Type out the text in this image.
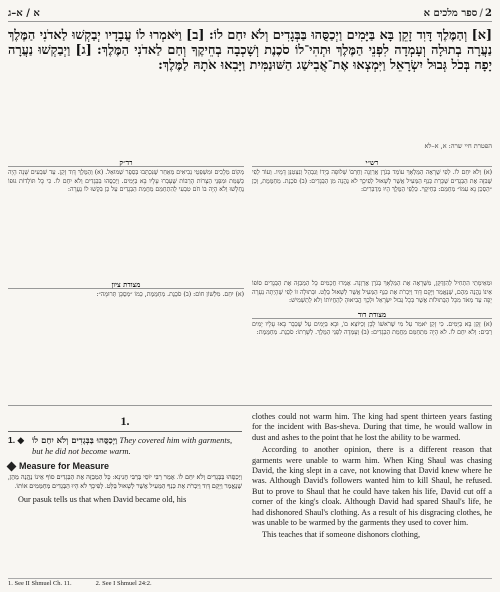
א / א–ג	2/ספר מלכים א
[א] וְהַמֶּלֶךְ דָּוִד זָקֵן בָּא בַּיָּמִים וַיְכַסֻּהוּ בַּבְּגָדִים וְלֹא יִחַם לוֹ: [ב] וַיֹּאמְרוּ לוֹ עֲבָדָיו יְבַקְשׁוּ לַאדֹנִי הַמֶּלֶךְ נַעֲרָה בְתוּלָה וְעָמְדָה לִפְנֵי הַמֶּלֶךְ וּתְהִי־לוֹ סֹכֶנֶת וְשָׁכְבָה בְחֵיקֶךָ וְחַם לַאדֹנִי הַמֶּלֶךְ: [ג] וַיְבַקְשׁוּ נַעֲרָה יָפָה בְּכֹל גְּבוּל יִשְׂרָאֵל וַיִּמְצְאוּ אֶת־אֲבִישַׁג הַשּׁוּנַמִּית וַיָּבִאוּ אֹתָהּ לַמֶּלֶךְ:
הפטרת חיי שרה: א, א–לא
רש״י
(א) וְלֹא יִחַם לוֹ. לְפִי שֶׁרָאָה הַמַּלְאָךְ עוֹמֵד בְּגֹרֶן אֲרַוְנָה וְחַרְבּוֹ שְׁלוּפָה בְּיָדוֹ וְנִבְהַל וְנִצְטַנֵּן דָּמָיו. וְעוֹד לְפִי שֶׁבִּזָּה אֶת הַבְּגָדִים שֶׁכָּרַת כְּנַף הַמְּעִיל אֲשֶׁר לְשָׁאוּל לְפִיכָךְ לֹא נֶהֱנָה מִן הַבְּגָדִים: (ב) סֹכֶנֶת. מְחַמֶּמֶת, וְכֵן ״הַסְכֵּן נָא עִמּוֹ״ מְחַמֵּם: בְּחֵיקֶךָ. כְּלַפֵּי הַמֶּלֶךְ הָיוּ מְדַבְּרִים:
רד״ק
מְקוֹם מְלָכִים וּמִשְׁפְּטֵי נְבִיאִים מֵאַחַר שֶׁנִּכְתְּבוּ בְּסֵפֶר שְׁמוּאֵל. (א) וְהַמֶּלֶךְ דָּוִד זָקֵן. עַד שִׁבְעִים שָׁנָה הָיָה כְּשֶׁמֵּת וּמִפְּנֵי הַצָּרוֹת הָרַבּוֹת שֶׁעָבְרוּ עָלָיו בָּא בַּיָּמִים. וַיְכַסֻּהוּ בַּבְּגָדִים וְלֹא יִחַם לוֹ. כִּי כָּל תּוֹלְדוֹת גּוּפוֹ נֶחְלָשׁוּ וְלֹא הָיָה בוֹ חֹם טִבְעִי לְהִתְחַמֵּם מֵחֲמַת הַבְּגָדִים עַל כֵּן בִּקְשׁוּ לוֹ נַעֲרָה:
וּמֵאֵימָתַי הִתְחִיל לְהִזְדַּקֵּן, מִשֶּׁרָאָה אֶת הַמַּלְאָךְ בְּגֹרֶן אֲרַוְנָה. אָמְרוּ חֲכָמִים כָּל הַמְבַזֶּה אֶת הַבְּגָדִים סוֹפוֹ אֵינוֹ נֶהֱנֶה מֵהֶם, שֶׁנֶּאֱמַר וַיָּקָם דָּוִד וַיִּכְרֹת אֶת כְּנַף הַמְּעִיל אֲשֶׁר לְשָׁאוּל בַּלָּט. וּבְתוּלָה זוֹ לְפִי שֶׁהָיְתָה נְעָרָה יָפָה עַד מְאֹד מִכָּל הַבְּתוּלוֹת אֲשֶׁר בְּכָל גְּבוּל יִשְׂרָאֵל וּלְכָךְ הֱבִיאוּהָ לְהַחֲיוֹתוֹ וְלֹא לְתַשְׁמִישׁ:
מצודת דוד
(א) זָקֵן בָּא בַּיָּמִים. כִּי זָקֵן יֹאמַר עַל מִי שֶׁרֹאשׁוֹ לָבָן וְכַיּוֹצֵא בוֹ, וּבָא בַּיָּמִים עַל שֶׁכְּבָר בָּאוּ עָלָיו יָמִים רַבִּים: וְלֹא יִחַם לוֹ. לֹא הָיָה מִתְחַמֵּם מֵחֲמַת הַבְּגָדִים: (ב) וְעָמְדָה לִפְנֵי הַמֶּלֶךְ. לְשָׁרְתוֹ: סֹכֶנֶת. מְחַמֶּמֶת:
מצודת ציון
(א) יִחַם. מִלְּשׁוֹן חוֹם: (ב) סֹכֶנֶת. מְחַמֶּמֶת, כְּמוֹ ״מְסֻכָּן תְּרוּמָה״:
1.
1. ◆ וַיְכַסֻּהוּ בַּבְּגָדִים וְלֹא יִחַם לוֹ They covered him with garments, but he did not become warm.
Measure for Measure
וַיְכַסֻּהוּ בַּבְּגָדִים וְלֹא יִחַם לוֹ. אָמַר רַבִּי יוֹסֵי בְּרַבִּי חֲנִינָא: כָּל הַמְבַזֶּה אֶת הַבְּגָדִים סוֹף אֵינוֹ נֶהֱנֶה מֵהֶן, שֶׁנֶּאֱמַר וַיָּקָם דָּוִד וַיִּכְרֹת אֶת כְּנַף הַמְּעִיל אֲשֶׁר לְשָׁאוּל בַּלָּט. לְפִיכָךְ לֹא הָיוּ הַבְּגָדִים מְחַמְּמִים אוֹתוֹ.

Our pasuk tells us that when David became old, his

clothes could not warm him. The king had spent thirteen years fasting for the incident with Bas-sheva. During that time, he would wallow in dust and ashes to the point that he lost the ability to be warmed.

According to another opinion, there is a different reason that garments were unable to warm him. When King Shaul was chasing David, the king slept in a cave, not knowing that David knew where he was. Although David's followers wanted him to kill Shaul, he refused. But to prove to Shaul that he could have taken his life, David cut off a corner of the king's cloak. Although David had spared Shaul's life, he had dishonored Shaul's clothing. As a result of his disgracing clothes, he was unable to be warmed by the garments they used to cover him.

This teaches that if someone dishonors clothing,

1. See II Shmuel Ch. 11.	2. See I Shmuel 24:2.
